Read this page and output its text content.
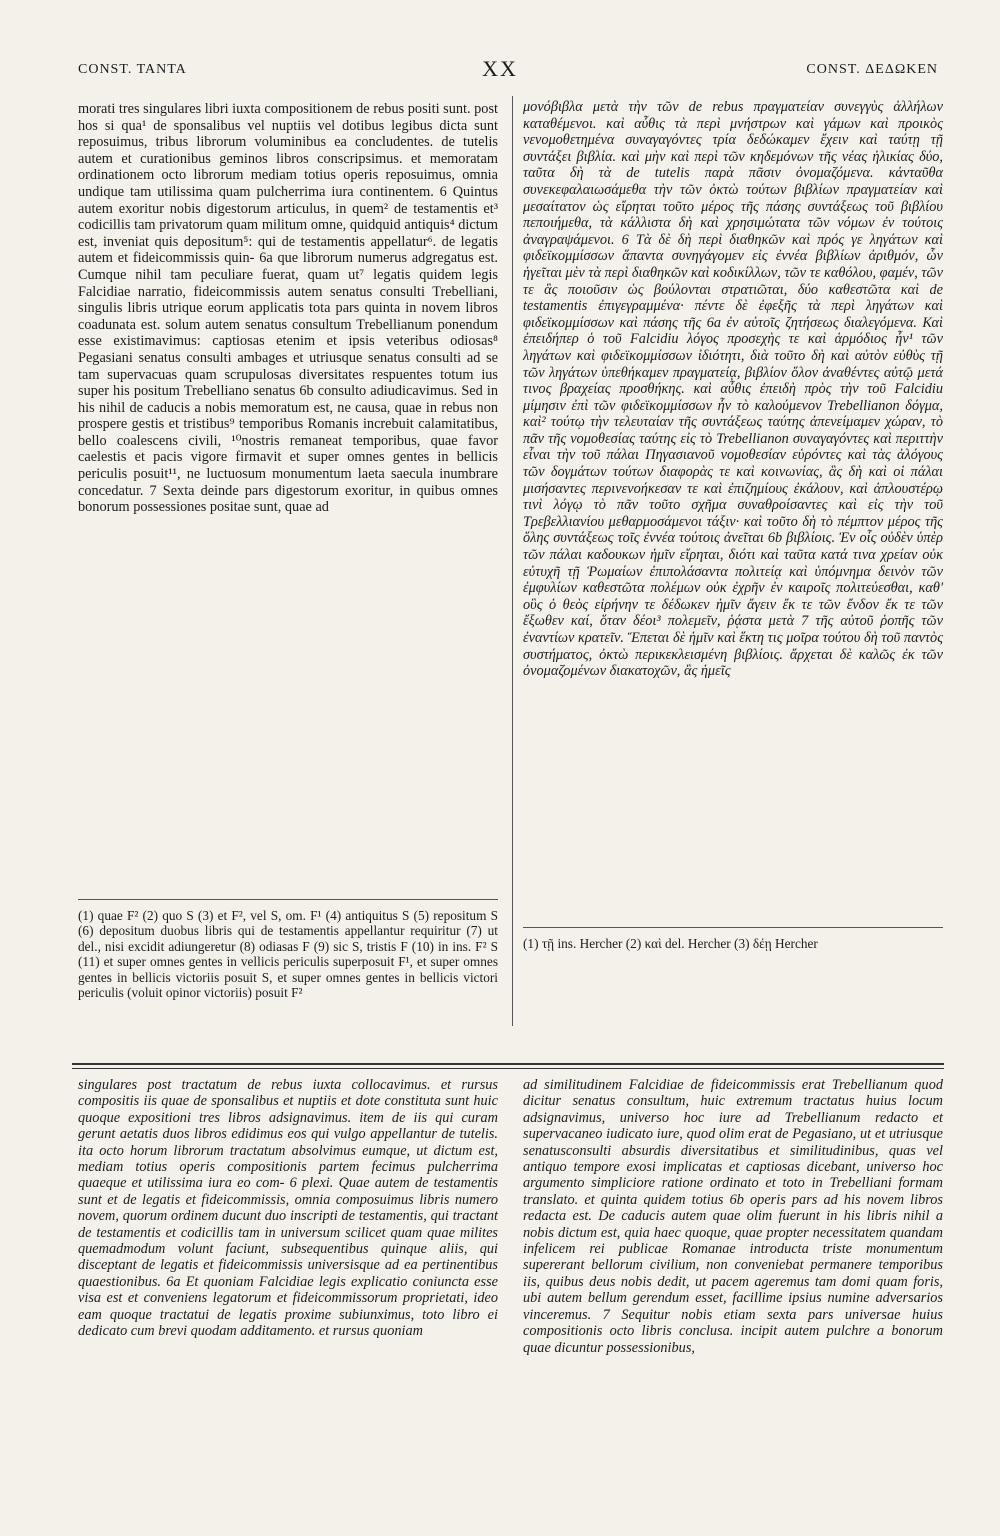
CONST. TANTA	XX	CONST. ΔΕΔΩΚΕΝ

morati tres singulares libri iuxta compositionem de rebus positi sunt. post hos si qua¹ de sponsalibus vel nuptiis vel dotibus legibus dicta sunt reposuimus, tribus librorum voluminibus ea concludentes. de tutelis autem et curationibus geminos libros conscripsimus. et memoratam ordinationem octo librorum mediam totius operis reposuimus, omnia undique tam utilissima quam pulcherrima iura continentem. 6 Quintus autem exoritur nobis digestorum articulus, in quem² de testamentis et³ codicillis tam privatorum quam militum omne, quidquid antiquis⁴ dictum est, inveniat quis depositum⁵: qui de testamentis appellatur⁶. de legatis autem et fideicommissis quin- 6a que librorum numerus adgregatus est. Cumque nihil tam peculiare fuerat, quam ut⁷ legatis quidem legis Falcidiae narratio, fideicommissis autem senatus consulti Trebelliani, singulis libris utrique eorum applicatis tota pars quinta in novem libros coadunata est. solum autem senatus consultum Trebellianum ponendum esse existimavimus: captiosas etenim et ipsis veteribus odiosas⁸ Pegasiani senatus consulti ambages et utriusque senatus consulti ad se tam supervacuas quam scrupulosas diversitates respuentes totum ius super his positum Trebelliano senatus 6b consulto adiudicavimus. Sed in his nihil de caducis a nobis memoratum est, ne causa, quae in rebus non prospere gestis et tristibus⁹ temporibus Romanis increbuit calamitatibus, bello coalescens civili, ¹⁰nostris remaneat temporibus, quae favor caelestis et pacis vigore firmavit et super omnes gentes in bellicis periculis posuit¹¹, ne luctuosum monumentum laeta saecula inumbrare concedatur. 7 Sexta deinde pars digestorum exoritur, in quibus omnes bonorum possessiones positae sunt, quae ad

μονόβιβλα μετὰ τὴν τῶν de rebus πραγματείαν συνεγγὺς ἀλλήλων καταθέμενοι. καὶ αὖθις τὰ περὶ μνήστρων καὶ γάμων καὶ προικὸς νενομοθετημένα συναγαγόντες τρία δεδώκαμεν ἔχειν καὶ ταύτῃ τῇ συντάξει βιβλία. καὶ μὴν καὶ περὶ τῶν κηδεμόνων τῆς νέας ἡλικίας δύο, ταῦτα δὴ τὰ de tutelis παρὰ πᾶσιν ὀνομαζόμενα. κἀνταῦθα συνεκεφαλαιωσάμεθα τὴν τῶν ὀκτὼ τούτων βιβλίων πραγματείαν καὶ μεσαίτατον ὡς εἴρηται τοῦτο μέρος τῆς πάσης συντάξεως τοῦ βιβλίου πεποιήμεθα, τὰ κάλλιστα δὴ καὶ χρησιμώτατα τῶν νόμων ἐν τούτοις ἀναγραψάμενοι. 6 Τὰ δὲ δὴ περὶ διαθηκῶν καὶ πρός γε ληγάτων καὶ φιδεϊκομμίσσων ἅπαντα συνηγάγομεν εἰς ἐννέα βιβλίων ἀριθμόν, ὧν ἡγεῖται μὲν τὰ περὶ διαθηκῶν καὶ κοδικίλλων, τῶν τε καθόλου, φαμέν, τῶν τε ἃς ποιοῦσιν ὡς βούλονται στρατιῶται, δύο καθεστῶτα καὶ de testamentis ἐπιγεγραμμένα· πέντε δὲ ἐφεξῆς τὰ περὶ ληγάτων καὶ φιδεϊκομμίσσων καὶ πάσης τῆς 6a ἐν αὐτοῖς ζητήσεως διαλεγόμενα. Καὶ ἐπειδήπερ ὁ τοῦ Falcidiu λόγος προσεχὴς τε καὶ ἁρμόδιος ἦν¹ τῶν ληγάτων καὶ φιδεϊκομμίσσων ἰδιότητι, διὰ τοῦτο δὴ καὶ αὐτὸν εὐθὺς τῇ τῶν ληγάτων ὑπεθήκαμεν πραγματείᾳ, βιβλίον ὅλον ἀναθέντες αὐτῷ μετά τινος βραχείας προσθήκης. καὶ αὖθις ἐπειδὴ πρὸς τὴν τοῦ Falcidiu μίμησιν ἐπὶ τῶν φιδεϊκομμίσσων ἦν τὸ καλούμενον Trebellianon δόγμα, καὶ² τούτῳ τὴν τελευταίαν τῆς συντάξεως ταύτης ἀπενείμαμεν χώραν, τὸ πᾶν τῆς νομοθεσίας ταύτης εἰς τὸ Trebellianon συναγαγόντες καὶ περιττὴν εἶναι τὴν τοῦ πάλαι Πηγασιανοῦ νομοθεσίαν εὑρόντες καὶ τὰς ἀλόγους τῶν δογμάτων τούτων διαφορὰς τε καὶ κοινωνίας, ἃς δὴ καὶ οἱ πάλαι μισήσαντες περινενοήκεσαν τε καὶ ἐπιζημίους ἐκάλουν, καὶ ἁπλουστέρῳ τινὶ λόγῳ τὸ πᾶν τοῦτο σχῆμα συναθροίσαντες καὶ εἰς τὴν τοῦ Τρεβελλιανίου μεθαρμοσάμενοι τάξιν· καὶ τοῦτο δὴ τὸ πέμπτον μέρος τῆς ὅλης συντάξεως τοῖς ἐννέα τούτοις ἀνεῖται 6b βιβλίοις. Ἐν οἷς οὐδὲν ὑπὲρ τῶν πάλαι καδουκων ἡμῖν εἴρηται, διότι καὶ ταῦτα κατά τινα χρείαν οὐκ εὐτυχῆ τῇ Ῥωμαίων ἐπιπολάσαντα πολιτείᾳ καὶ ὑπόμνημα δεινὸν τῶν ἐμφυλίων καθεστῶτα πολέμων οὐκ ἐχρῆν ἐν καιροῖς πολιτεύεσθαι, καθ' οὓς ὁ θεὸς εἰρήνην τε δέδωκεν ἡμῖν ἄγειν ἔκ τε τῶν ἔνδον ἔκ τε τῶν ἔξωθεν καί, ὅταν δέοι³ πολεμεῖν, ῥᾴστα μετὰ 7 τῆς αὐτοῦ ῥοπῆς τῶν ἐναντίων κρατεῖν. Ἕπεται δὲ ἡμῖν καὶ ἕκτη τις μοῖρα τούτου δὴ τοῦ παντὸς συστήματος, ὀκτὼ περικεκλεισμένη βιβλίοις. ἄρχεται δὲ καλῶς ἐκ τῶν ὀνομαζομένων διακατοχῶν, ἃς ἡμεῖς

(1) quae F² (2) quo S (3) et F², vel S, om. F¹ (4) antiquitus S (5) repositum S (6) depositum duobus libris qui de testamentis appellantur requiritur (7) ut del., nisi excidit adiungeretur (8) odiasas F (9) sic S, tristis F (10) in ins. F² S (11) et super omnes gentes in vellicis periculis superposuit F¹, et super omnes gentes in bellicis victoriis posuit S, et super omnes gentes in bellicis victori periculis (voluit opinor victoriis) posuit F²

(1) τῇ ins. Hercher (2) καὶ del. Hercher (3) δέῃ Hercher

singulares post tractatum de rebus iuxta collocavimus. et rursus compositis iis quae de sponsalibus et nuptiis et dote constituta sunt huic quoque expositioni tres libros adsignavimus. item de iis qui curam gerunt aetatis duos libros edidimus eos qui vulgo appellantur de tutelis. ita octo horum librorum tractatum absolvimus eumque, ut dictum est, mediam totius operis compositionis partem fecimus pulcherrima quaeque et utilissima iura eo com- 6 plexi. Quae autem de testamentis sunt et de legatis et fideicommissis, omnia composuimus libris numero novem, quorum ordinem ducunt duo inscripti de testamentis, qui tractant de testamentis et codicillis tam in universum scilicet quam quae milites quemadmodum volunt faciunt, subsequentibus quinque aliis, qui disceptant de legatis et fideicommissis universisque ad ea pertinentibus quaestionibus. 6a Et quoniam Falcidiae legis explicatio coniuncta esse visa est et conveniens legatorum et fideicommissorum proprietati, ideo eam quoque tractatui de legatis proxime subiunximus, toto libro ei dedicato cum brevi quodam additamento. et rursus quoniam

ad similitudinem Falcidiae de fideicommissis erat Trebellianum quod dicitur senatus consultum, huic extremum tractatus huius locum adsignavimus, universo hoc iure ad Trebellianum redacto et supervacaneo iudicato iure, quod olim erat de Pegasiano, ut et utriusque senatusconsulti absurdis diversitatibus et similitudinibus, quas vel antiquo tempore exosi implicatas et captiosas dicebant, universo hoc argumento simpliciore ratione ordinato et toto in Trebelliani formam translato. et quinta quidem totius 6b operis pars ad his novem libros redacta est. De caducis autem quae olim fuerunt in his libris nihil a nobis dictum est, quia haec quoque, quae propter necessitatem quandam infelicem rei publicae Romanae introducta triste monumentum supererant bellorum civilium, non conveniebat permanere temporibus iis, quibus deus nobis dedit, ut pacem ageremus tam domi quam foris, ubi autem bellum gerendum esset, facillime ipsius numine adversarios vinceremus. 7 Sequitur nobis etiam sexta pars universae huius compositionis octo libris conclusa. incipit autem pulchre a bonorum quae dicuntur possessionibus,
